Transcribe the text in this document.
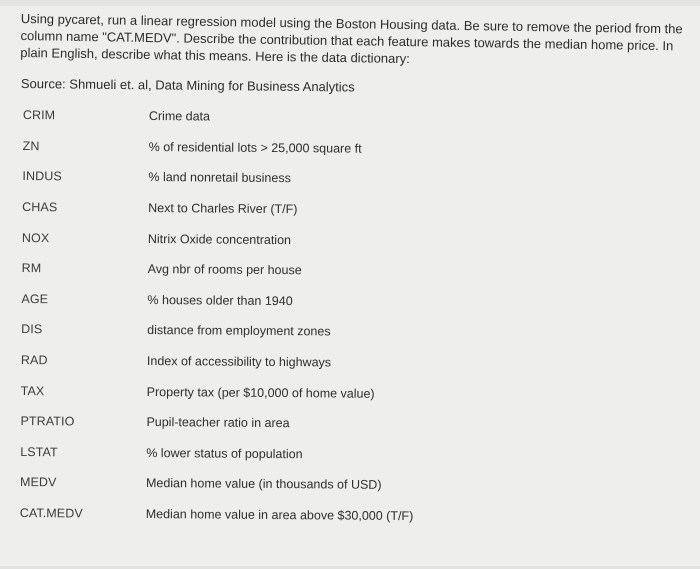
Using pycaret, run a linear regression model using the Boston Housing data. Be sure to remove the period from the column name "CAT.MEDV". Describe the contribution that each feature makes towards the median home price. In plain English, describe what this means. Here is the data dictionary:

Source: Shmueli et. al, Data Mining for Business Analytics

CRIM	Crime data
ZN	% of residential lots > 25,000 square ft
INDUS	% land nonretail business
CHAS	Next to Charles River (T/F)
NOX	Nitrix Oxide concentration
RM	Avg nbr of rooms per house
AGE	% houses older than 1940
DIS	distance from employment zones
RAD	Index of accessibility to highways
TAX	Property tax (per $10,000 of home value)
PTRATIO	Pupil-teacher ratio in area
LSTAT	% lower status of population
MEDV	Median home value (in thousands of USD)
CAT.MEDV	Median home value in area above $30,000 (T/F)
